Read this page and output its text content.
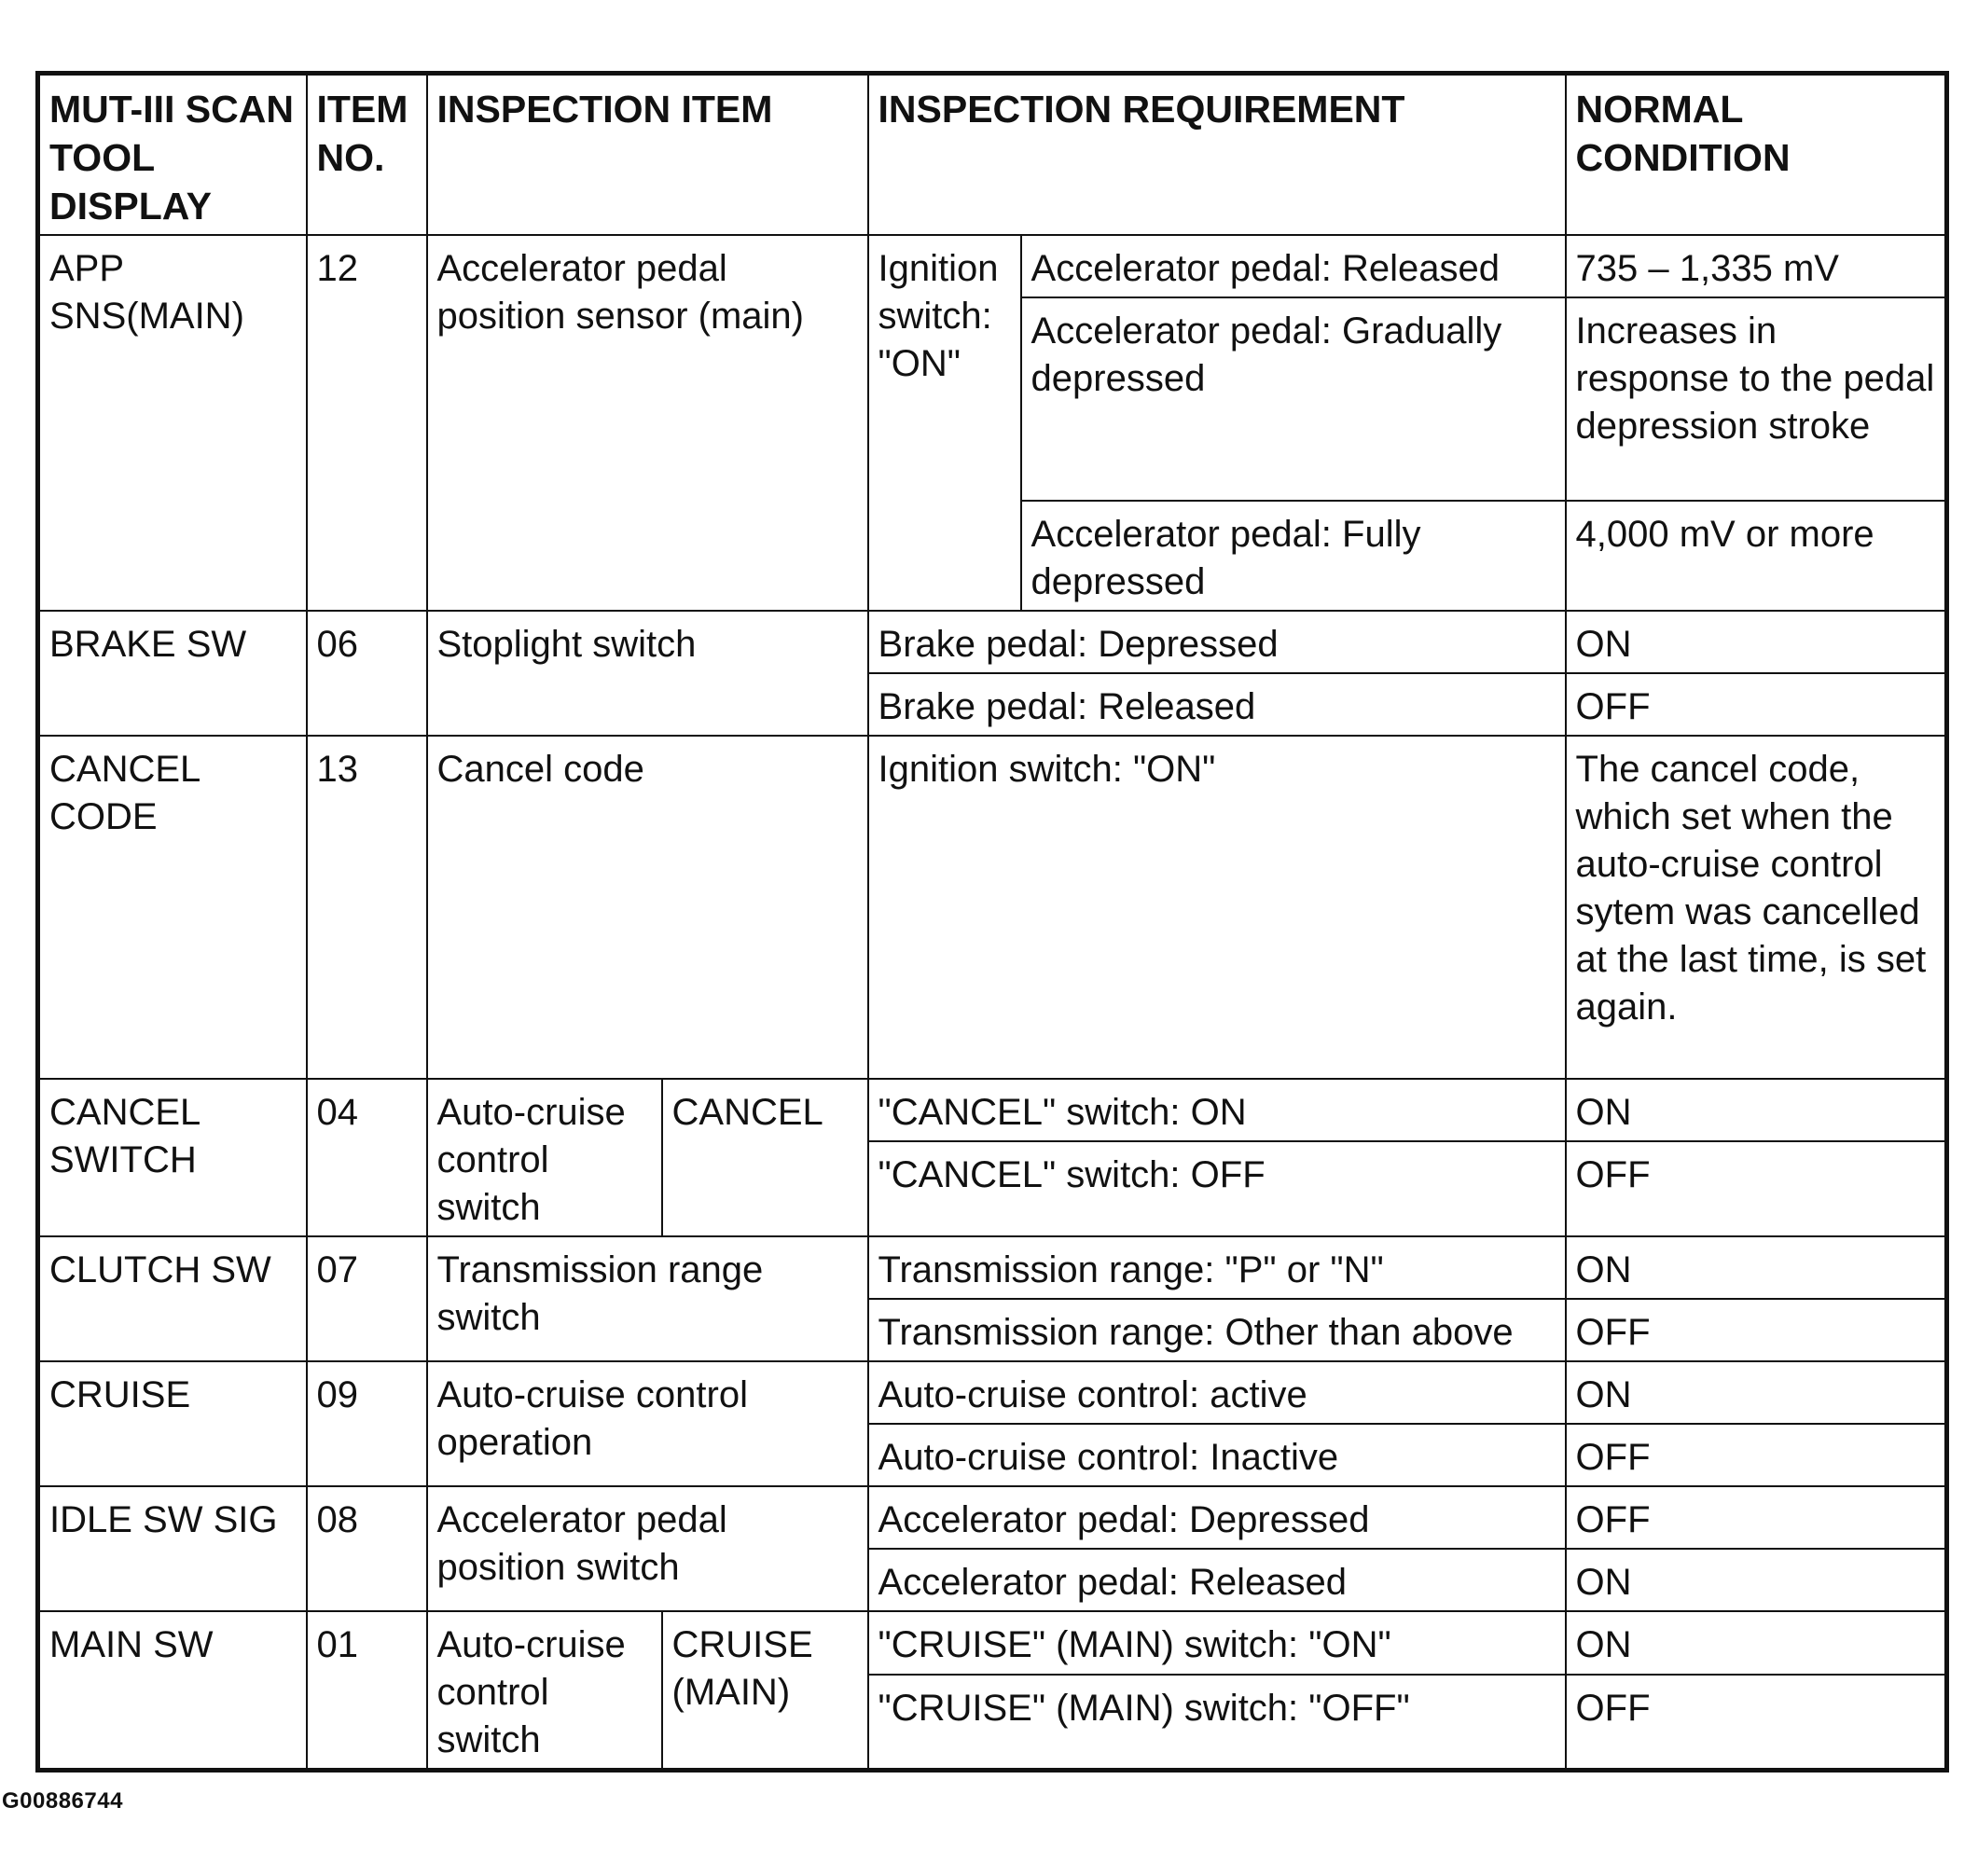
MUT-III SCAN TOOL DISPLAY	ITEM NO.	INSPECTION ITEM		INSPECTION REQUIREMENT		NORMAL CONDITION
APP SNS(MAIN)	12	Accelerator pedal position sensor (main)		Ignition switch: "ON"	Accelerator pedal: Released	735 – 1,335 mV
					Accelerator pedal: Gradually depressed	Increases in response to the pedal depression stroke
					Accelerator pedal: Fully depressed	4,000 mV or more
BRAKE SW	06	Stoplight switch		Brake pedal: Depressed		ON
				Brake pedal: Released		OFF
CANCEL CODE	13	Cancel code		Ignition switch: "ON"		The cancel code, which set when the auto-cruise control sytem was cancelled at the last time, is set again.
CANCEL SWITCH	04	Auto-cruise control switch	CANCEL	"CANCEL" switch: ON		ON
				"CANCEL" switch: OFF		OFF
CLUTCH SW	07	Transmission range switch		Transmission range: "P" or "N"		ON
				Transmission range: Other than above		OFF
CRUISE	09	Auto-cruise control operation		Auto-cruise control: active		ON
				Auto-cruise control: Inactive		OFF
IDLE SW SIG	08	Accelerator pedal position switch		Accelerator pedal: Depressed		OFF
				Accelerator pedal: Released		ON
MAIN SW	01	Auto-cruise control switch	CRUISE (MAIN)	"CRUISE" (MAIN) switch: "ON"		ON
				"CRUISE" (MAIN) switch: "OFF"		OFF
G00886744
